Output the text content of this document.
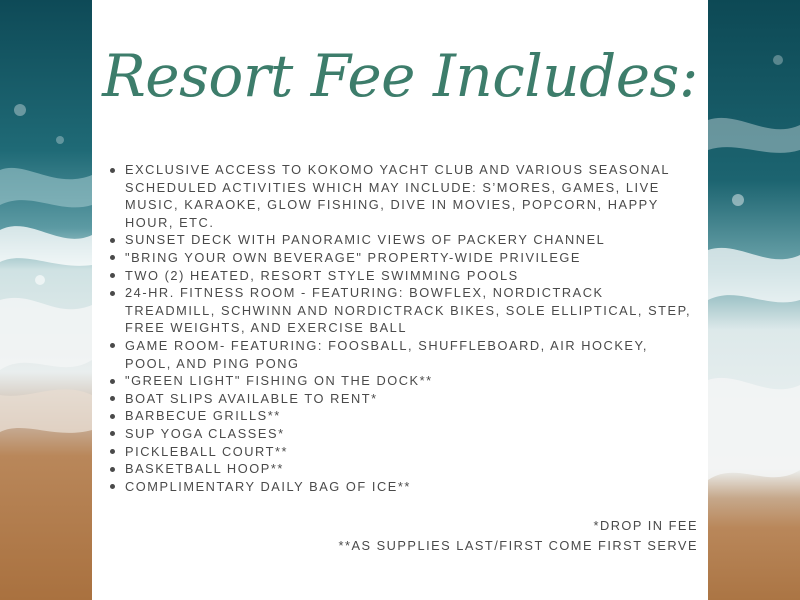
Resort Fee Includes:
EXCLUSIVE ACCESS TO KOKOMO YACHT CLUB AND VARIOUS SEASONAL SCHEDULED ACTIVITIES WHICH MAY INCLUDE: S’MORES, GAMES, LIVE MUSIC, KARAOKE, GLOW FISHING, DIVE IN MOVIES, POPCORN, HAPPY HOUR, ETC.
SUNSET DECK WITH PANORAMIC VIEWS OF PACKERY CHANNEL
"BRING YOUR OWN BEVERAGE" PROPERTY-WIDE PRIVILEGE
TWO (2) HEATED, RESORT STYLE SWIMMING POOLS
24-HR. FITNESS ROOM - FEATURING: BOWFLEX, NORDICTRACK TREADMILL, SCHWINN AND NORDICTRACK BIKES, SOLE ELLIPTICAL, STEP, FREE WEIGHTS, AND EXERCISE BALL
GAME ROOM- FEATURING: FOOSBALL, SHUFFLEBOARD, AIR HOCKEY, POOL, AND PING PONG
"GREEN LIGHT" FISHING ON THE DOCK**
BOAT SLIPS AVAILABLE TO RENT*
BARBECUE GRILLS**
SUP YOGA CLASSES*
PICKLEBALL COURT**
BASKETBALL HOOP**
COMPLIMENTARY DAILY BAG OF ICE**
*DROP IN FEE
**AS SUPPLIES LAST/FIRST COME FIRST SERVE
